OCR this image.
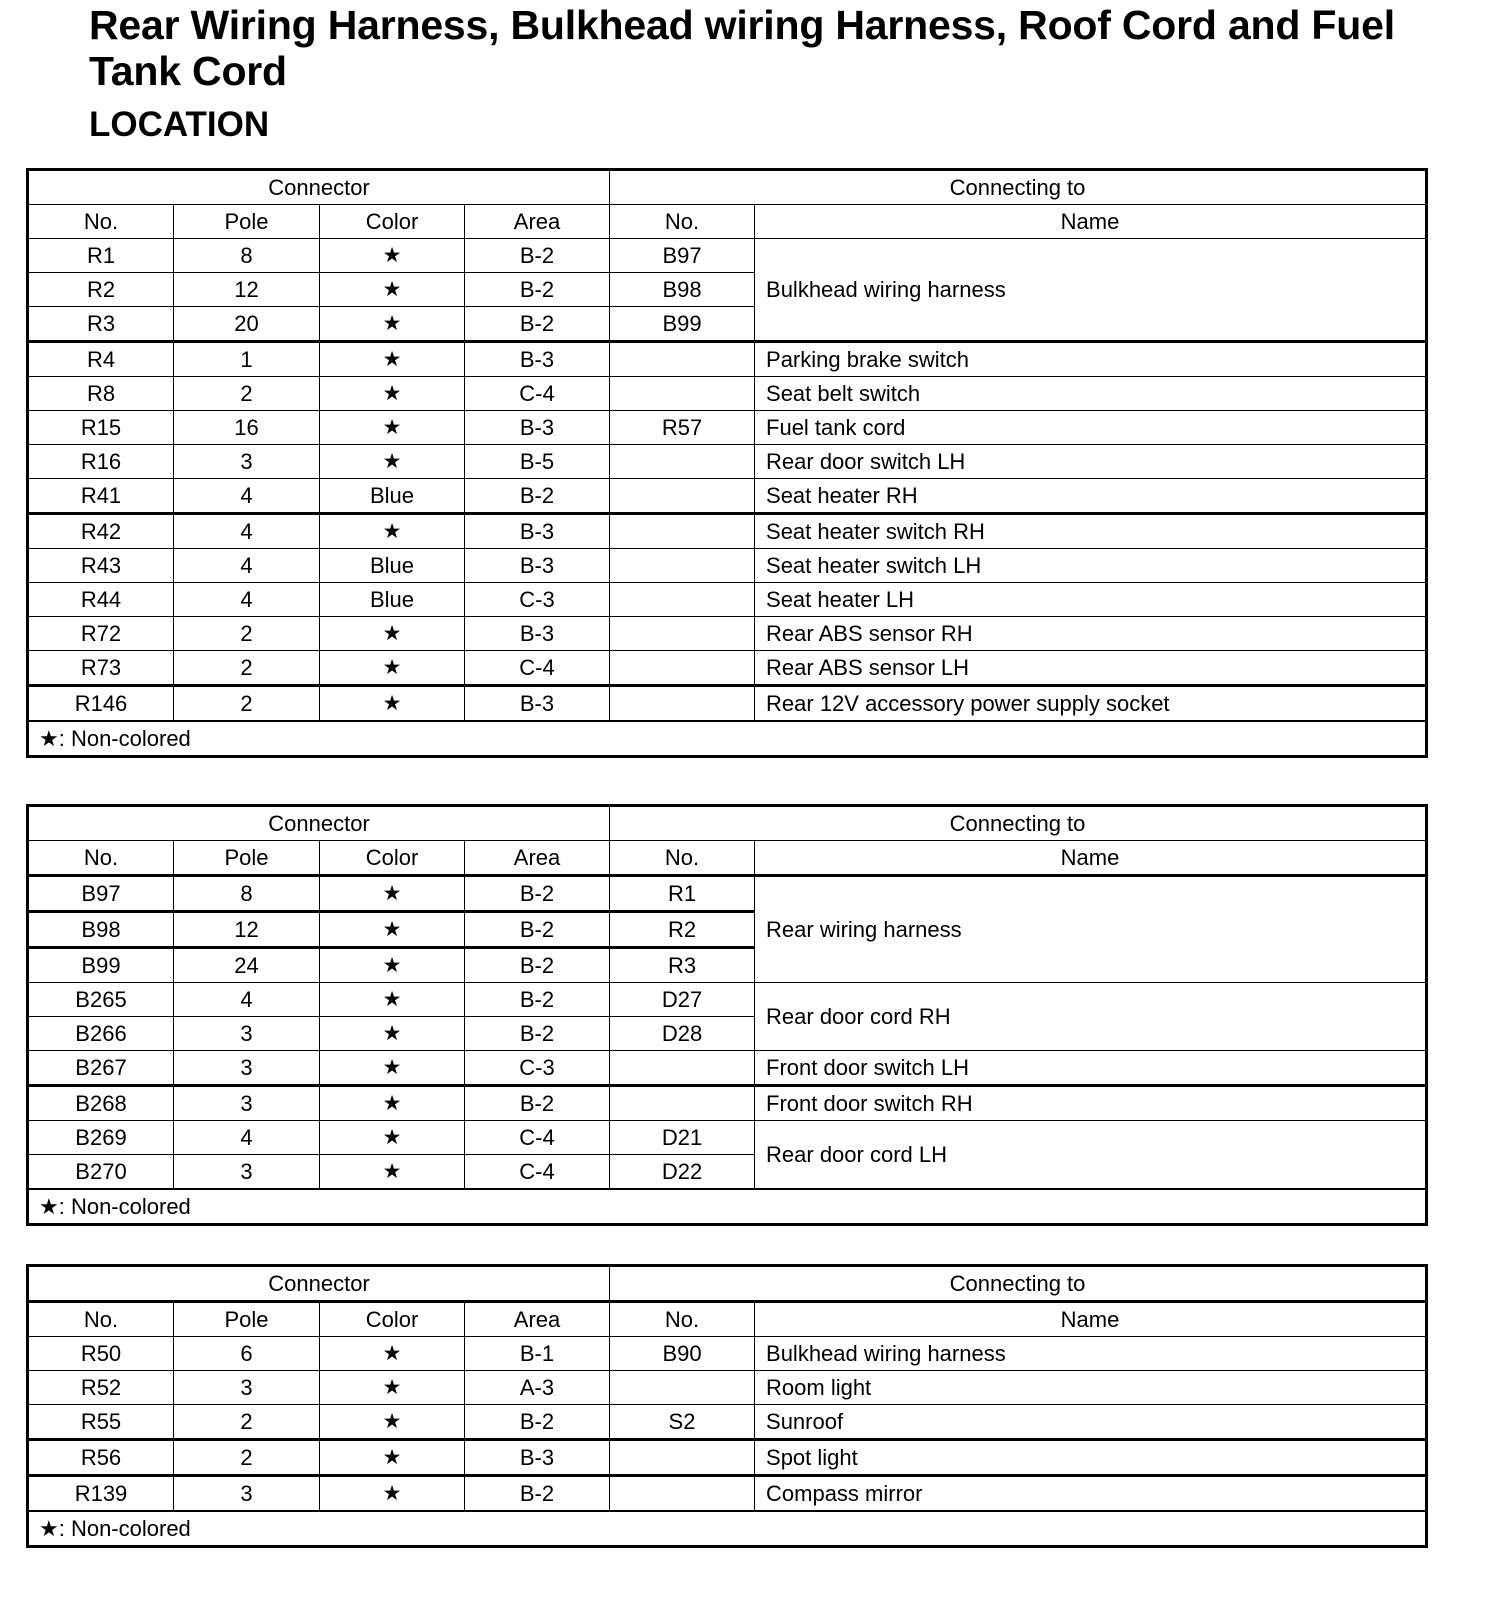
Rear Wiring Harness, Bulkhead wiring Harness, Roof Cord and Fuel Tank Cord
LOCATION
Connector				Connecting to	
No.	Pole	Color	Area	No.	Name
R1	8	★	B-2	B97	Bulkhead wiring harness
R2	12	★	B-2	B98	
R3	20	★	B-2	B99	
R4	1	★	B-3		Parking brake switch
R8	2	★	C-4		Seat belt switch
R15	16	★	B-3	R57	Fuel tank cord
R16	3	★	B-5		Rear door switch LH
R41	4	Blue	B-2		Seat heater RH
R42	4	★	B-3		Seat heater switch RH
R43	4	Blue	B-3		Seat heater switch LH
R44	4	Blue	C-3		Seat heater LH
R72	2	★	B-3		Rear ABS sensor RH
R73	2	★	C-4		Rear ABS sensor LH
R146	2	★	B-3		Rear 12V accessory power supply socket
★: Non-colored					
Connector				Connecting to	
No.	Pole	Color	Area	No.	Name
B97	8	★	B-2	R1	Rear wiring harness
B98	12	★	B-2	R2	
B99	24	★	B-2	R3	
B265	4	★	B-2	D27	Rear door cord RH
B266	3	★	B-2	D28	
B267	3	★	C-3		Front door switch LH
B268	3	★	B-2		Front door switch RH
B269	4	★	C-4	D21	Rear door cord LH
B270	3	★	C-4	D22	
★: Non-colored					
Connector				Connecting to	
No.	Pole	Color	Area	No.	Name
R50	6	★	B-1	B90	Bulkhead wiring harness
R52	3	★	A-3		Room light
R55	2	★	B-2	S2	Sunroof
R56	2	★	B-3		Spot light
R139	3	★	B-2		Compass mirror
★: Non-colored					
